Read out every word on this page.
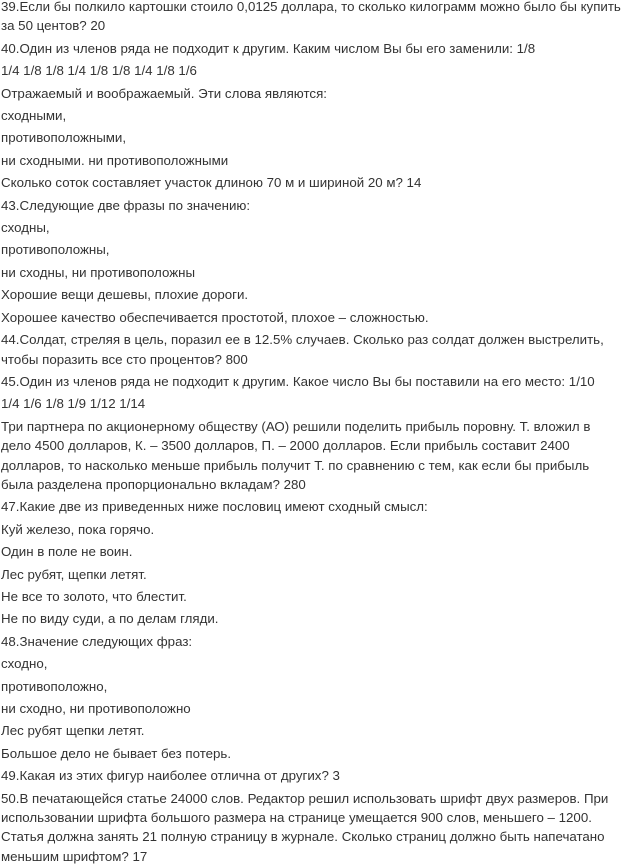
39.Если бы полкило картошки стоило 0,0125 доллара, то сколько килограмм можно было бы купить
за 50 центов? 20
40.Один из членов ряда не подходит к другим. Каким числом Вы бы его заменили: 1/8
1/4 1/8 1/8 1/4 1/8 1/8 1/4 1/8 1/6
Отражаемый и воображаемый. Эти слова являются:
сходными,
противоположными,
ни сходными. ни противоположными
Сколько соток составляет участок длиною 70 м и шириной 20 м? 14
43.Следующие две фразы по значению:
сходны,
противоположны,
ни сходны, ни противоположны
Хорошие вещи дешевы, плохие дороги.
Хорошее качество обеспечивается простотой, плохое – сложностью.
44.Солдат, стреляя в цель, поразил ее в 12.5% случаев. Сколько раз солдат должен выстрелить,
чтобы поразить все сто процентов? 800
45.Один из членов ряда не подходит к другим. Какое число Вы бы поставили на его место: 1/10
1/4 1/6 1/8 1/9 1/12 1/14
Три партнера по акционерному обществу (АО) решили поделить прибыль поровну. Т. вложил в
дело 4500 долларов, К. – 3500 долларов, П. – 2000 долларов. Если прибыль составит 2400
долларов, то насколько меньше прибыль получит Т. по сравнению с тем, как если бы прибыль
была разделена пропорционально вкладам? 280
47.Какие две из приведенных ниже пословиц имеют сходный смысл:
Куй железо, пока горячо.
Один в поле не воин.
Лес рубят, щепки летят.
Не все то золото, что блестит.
Не по виду суди, а по делам гляди.
48.Значение следующих фраз:
сходно,
противоположно,
ни сходно, ни противоположно
Лес рубят щепки летят.
Большое дело не бывает без потерь.
49.Какая из этих фигур наиболее отлична от других? 3
50.В печатающейся статье 24000 слов. Редактор решил использовать шрифт двух размеров. При
использовании шрифта большого размера на странице умещается 900 слов, меньшего – 1200.
Статья должна занять 21 полную страницу в журнале. Сколько страниц должно быть напечатано
меньшим шрифтом? 17
